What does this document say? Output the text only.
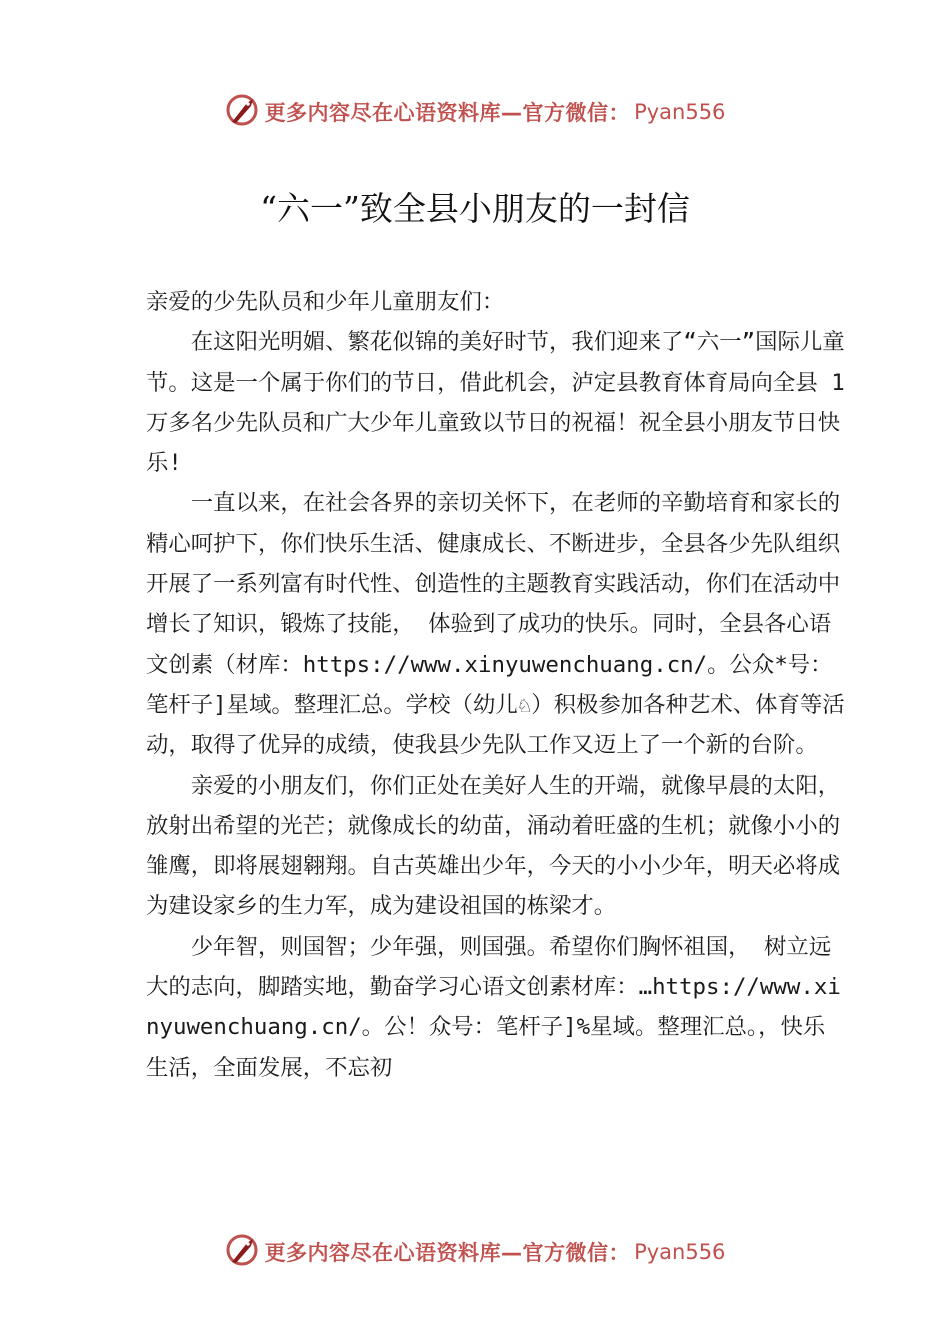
更多内容尽在心语资料库—官方微信： Pyan556
“六一”致全县小朋友的一封信

亲爱的少先队员和少年儿童朋友们：

在这阳光明媚、繁花似锦的美好时节，我们迎来了“六一”国际儿童节。这是一个属于你们的节日，借此机会，泸定县教育体育局向全县 1万多名少先队员和广大少年儿童致以节日的祝福！祝全县小朋友节日快乐!

一直以来，在社会各界的亲切关怀下，在老师的辛勤培育和家长的精心呵护下，你们快乐生活、健康成长、不断进步，全县各少先队组织开展了一系列富有时代性、创造性的主题教育实践活动，你们在活动中增长了知识，锻炼了技能， 体验到了成功的快乐。同时，全县各心语文创素（材库：https://www.xinyuwenchuang.cn/。公众*号：笔杆子]星域。整理汇总。学校（幼儿♘）积极参加各种艺术、体育等活动，取得了优异的成绩，使我县少先队工作又迈上了一个新的台阶。

亲爱的小朋友们，你们正处在美好人生的开端，就像早晨的太阳，放射出希望的光芒；就像成长的幼苗，涌动着旺盛的生机；就像小小的雏鹰，即将展翅翱翔。自古英雄出少年，今天的小小少年，明天必将成为建设家乡的生力军，成为建设祖国的栋梁才。

少年智，则国智；少年强，则国强。希望你们胸怀祖国， 树立远大的志向，脚踏实地，勤奋学习心语文创素材库：…https://www.xinyuwenchuang.cn/。公！众号：笔杆子]%星域。整理汇总。，快乐生活，全面发展，不忘初

更多内容尽在心语资料库—官方微信： Pyan556
